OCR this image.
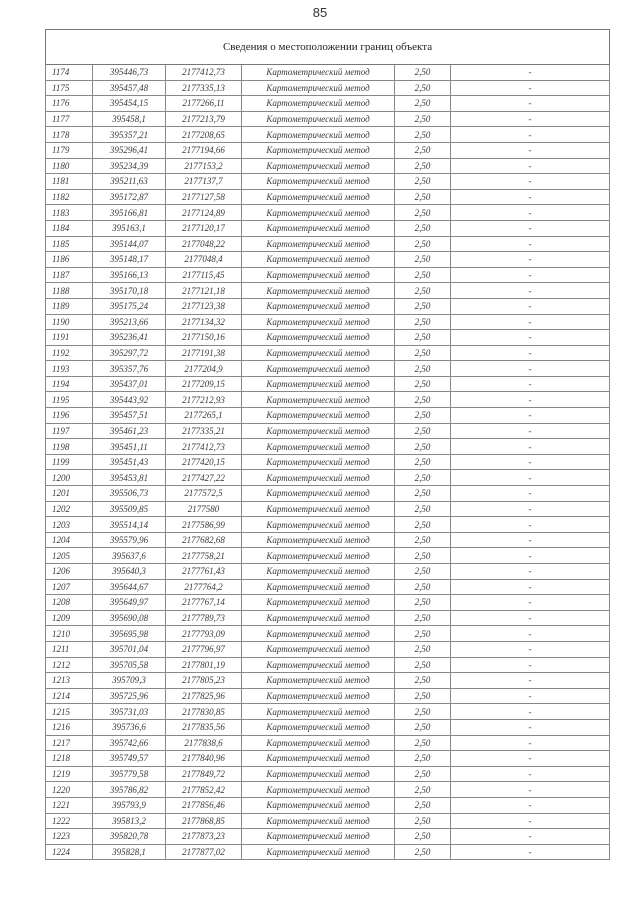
85
Сведения о местоположении границ объекта					
1174	395446,73	2177412,73	Картометрический метод	2,50	-
1175	395457,48	2177335,13	Картометрический метод	2,50	-
1176	395454,15	2177266,11	Картометрический метод	2,50	-
1177	395458,1	2177213,79	Картометрический метод	2,50	-
1178	395357,21	2177208,65	Картометрический метод	2,50	-
1179	395296,41	2177194,66	Картометрический метод	2,50	-
1180	395234,39	2177153,2	Картометрический метод	2,50	-
1181	395211,63	2177137,7	Картометрический метод	2,50	-
1182	395172,87	2177127,58	Картометрический метод	2,50	-
1183	395166,81	2177124,89	Картометрический метод	2,50	-
1184	395163,1	2177120,17	Картометрический метод	2,50	-
1185	395144,07	2177048,22	Картометрический метод	2,50	-
1186	395148,17	2177048,4	Картометрический метод	2,50	-
1187	395166,13	2177115,45	Картометрический метод	2,50	-
1188	395170,18	2177121,18	Картометрический метод	2,50	-
1189	395175,24	2177123,38	Картометрический метод	2,50	-
1190	395213,66	2177134,32	Картометрический метод	2,50	-
1191	395236,41	2177150,16	Картометрический метод	2,50	-
1192	395297,72	2177191,38	Картометрический метод	2,50	-
1193	395357,76	2177204,9	Картометрический метод	2,50	-
1194	395437,01	2177209,15	Картометрический метод	2,50	-
1195	395443,92	2177212,93	Картометрический метод	2,50	-
1196	395457,51	2177265,1	Картометрический метод	2,50	-
1197	395461,23	2177335,21	Картометрический метод	2,50	-
1198	395451,11	2177412,73	Картометрический метод	2,50	-
1199	395451,43	2177420,15	Картометрический метод	2,50	-
1200	395453,81	2177427,22	Картометрический метод	2,50	-
1201	395506,73	2177572,5	Картометрический метод	2,50	-
1202	395509,85	2177580	Картометрический метод	2,50	-
1203	395514,14	2177586,99	Картометрический метод	2,50	-
1204	395579,96	2177682,68	Картометрический метод	2,50	-
1205	395637,6	2177758,21	Картометрический метод	2,50	-
1206	395640,3	2177761,43	Картометрический метод	2,50	-
1207	395644,67	2177764,2	Картометрический метод	2,50	-
1208	395649,97	2177767,14	Картометрический метод	2,50	-
1209	395690,08	2177789,73	Картометрический метод	2,50	-
1210	395695,98	2177793,09	Картометрический метод	2,50	-
1211	395701,04	2177796,97	Картометрический метод	2,50	-
1212	395705,58	2177801,19	Картометрический метод	2,50	-
1213	395709,3	2177805,23	Картометрический метод	2,50	-
1214	395725,96	2177825,96	Картометрический метод	2,50	-
1215	395731,03	2177830,85	Картометрический метод	2,50	-
1216	395736,6	2177835,56	Картометрический метод	2,50	-
1217	395742,66	2177838,6	Картометрический метод	2,50	-
1218	395749,57	2177840,96	Картометрический метод	2,50	-
1219	395779,58	2177849,72	Картометрический метод	2,50	-
1220	395786,82	2177852,42	Картометрический метод	2,50	-
1221	395793,9	2177856,46	Картометрический метод	2,50	-
1222	395813,2	2177868,85	Картометрический метод	2,50	-
1223	395820,78	2177873,23	Картометрический метод	2,50	-
1224	395828,1	2177877,02	Картометрический метод	2,50	-
